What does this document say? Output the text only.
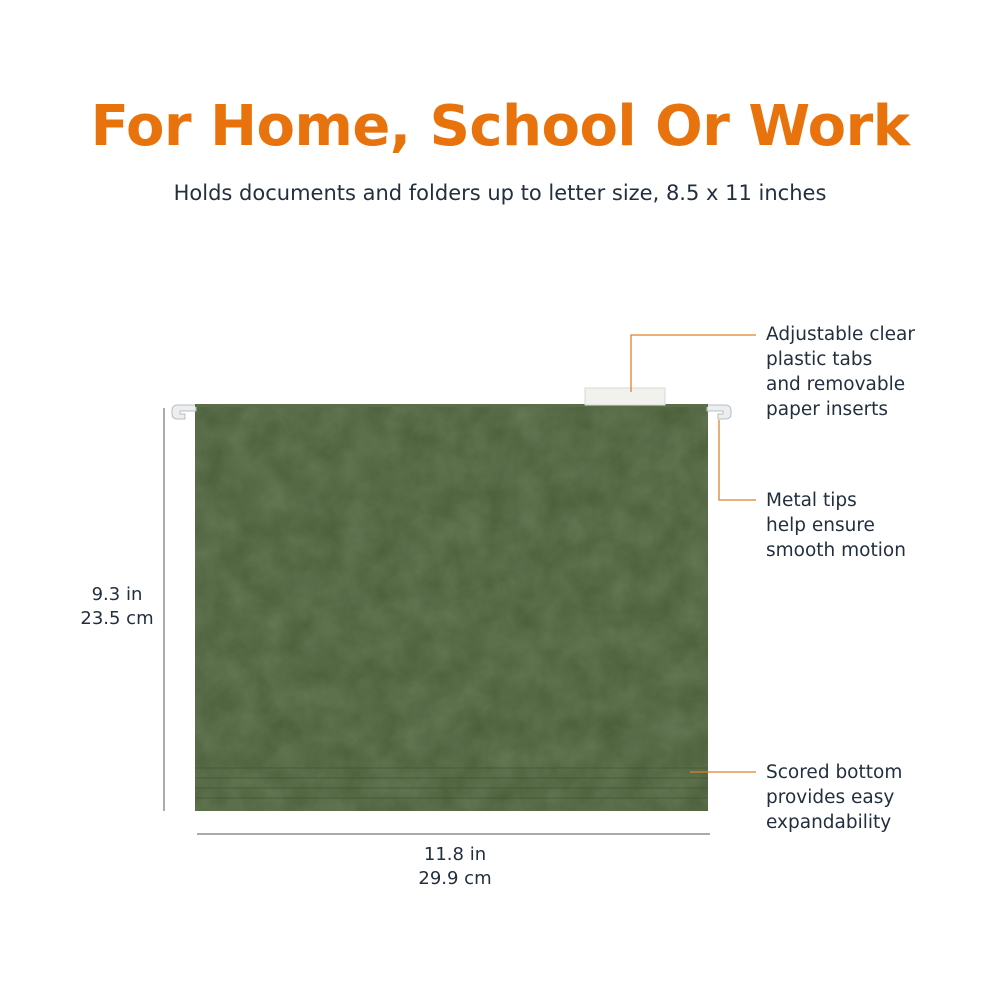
For Home, School Or Work

Holds documents and folders up to letter size, 8.5 x 11 inches

Adjustable clear
plastic tabs
and removable
paper inserts
Metal tips
help ensure
smooth motion
Scored bottom
provides easy
expandability
9.3 in
23.5 cm
11.8 in
29.9 cm
